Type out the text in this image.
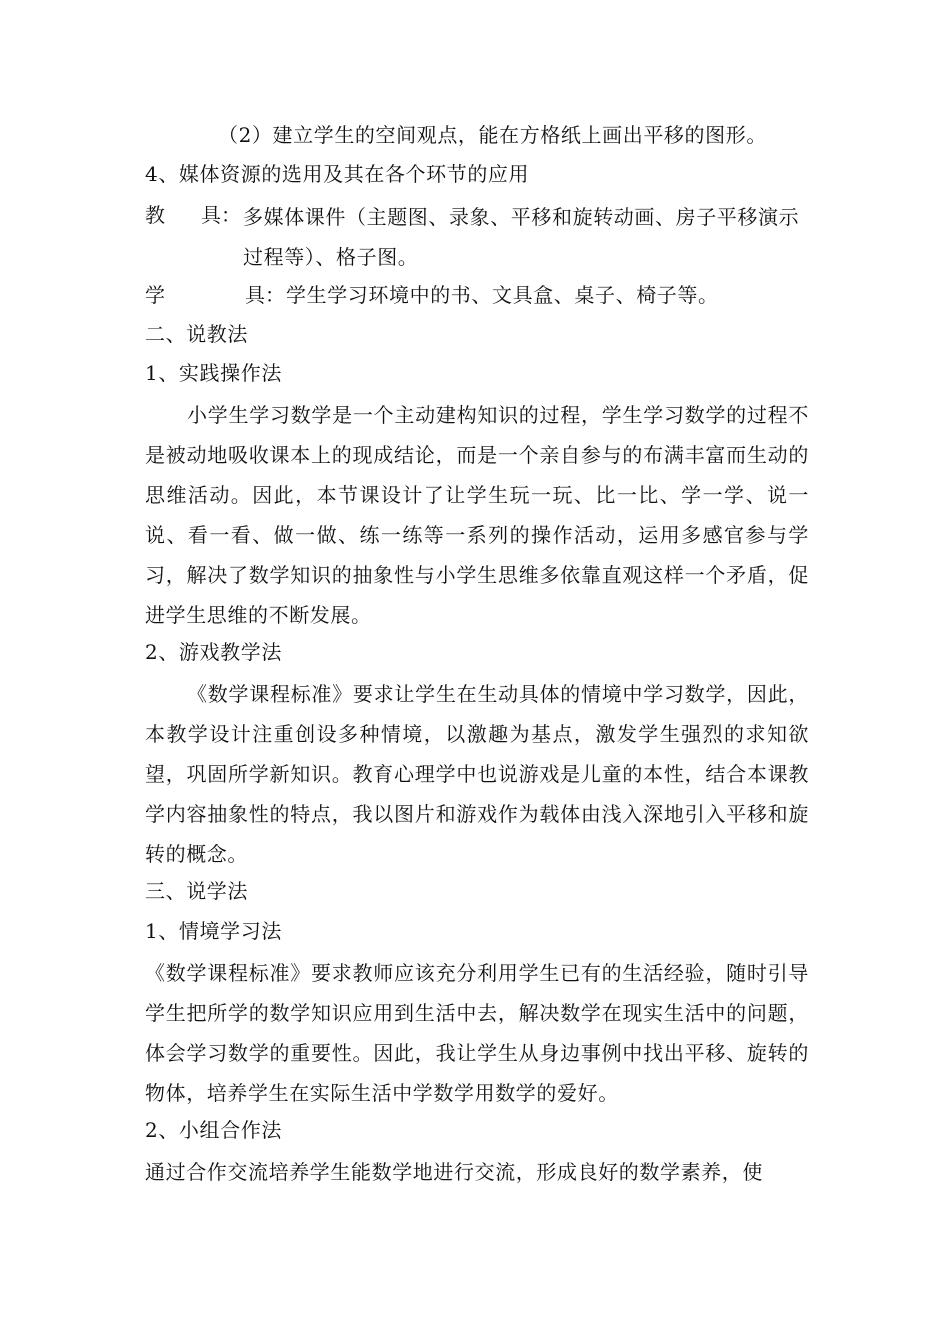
（2）建立学生的空间观点，能在方格纸上画出平移的图形。
4、媒体资源的选用及其在各个环节的应用
教 具： 多媒体课件（主题图、录象、平移和旋转动画、房子平移演示过程等）、格子图。

学	具： 学生学习环境中的书、文具盒、桌子、椅子等。
二、说教法
1、实践操作法

小学生学习数学是一个主动建构知识的过程，学生学习数学的过程不是被动地吸收课本上的现成结论，而是一个亲自参与的布满丰富而生动的思维活动。因此，本节课设计了让学生玩一玩、比一比、学一学、说一说、看一看、做一做、练一练等一系列的操作活动，运用多感官参与学习，解决了数学知识的抽象性与小学生思维多依靠直观这样一个矛盾，促进学生思维的不断发展。

2、游戏教学法

《数学课程标准》要求让学生在生动具体的情境中学习数学，因此，本教学设计注重创设多种情境，以激趣为基点，激发学生强烈的求知欲望，巩固所学新知识。教育心理学中也说游戏是儿童的本性，结合本课教学内容抽象性的特点，我以图片和游戏作为载体由浅入深地引入平移和旋转的概念。

三、说学法
1、情境学习法

《数学课程标准》要求教师应该充分利用学生已有的生活经验，随时引导学生把所学的数学知识应用到生活中去，解决数学在现实生活中的问题，体会学习数学的重要性。因此，我让学生从身边事例中找出平移、旋转的物体，培养学生在实际生活中学数学用数学的爱好。

2、小组合作法

通过合作交流培养学生能数学地进行交流，形成良好的数学素养，使
